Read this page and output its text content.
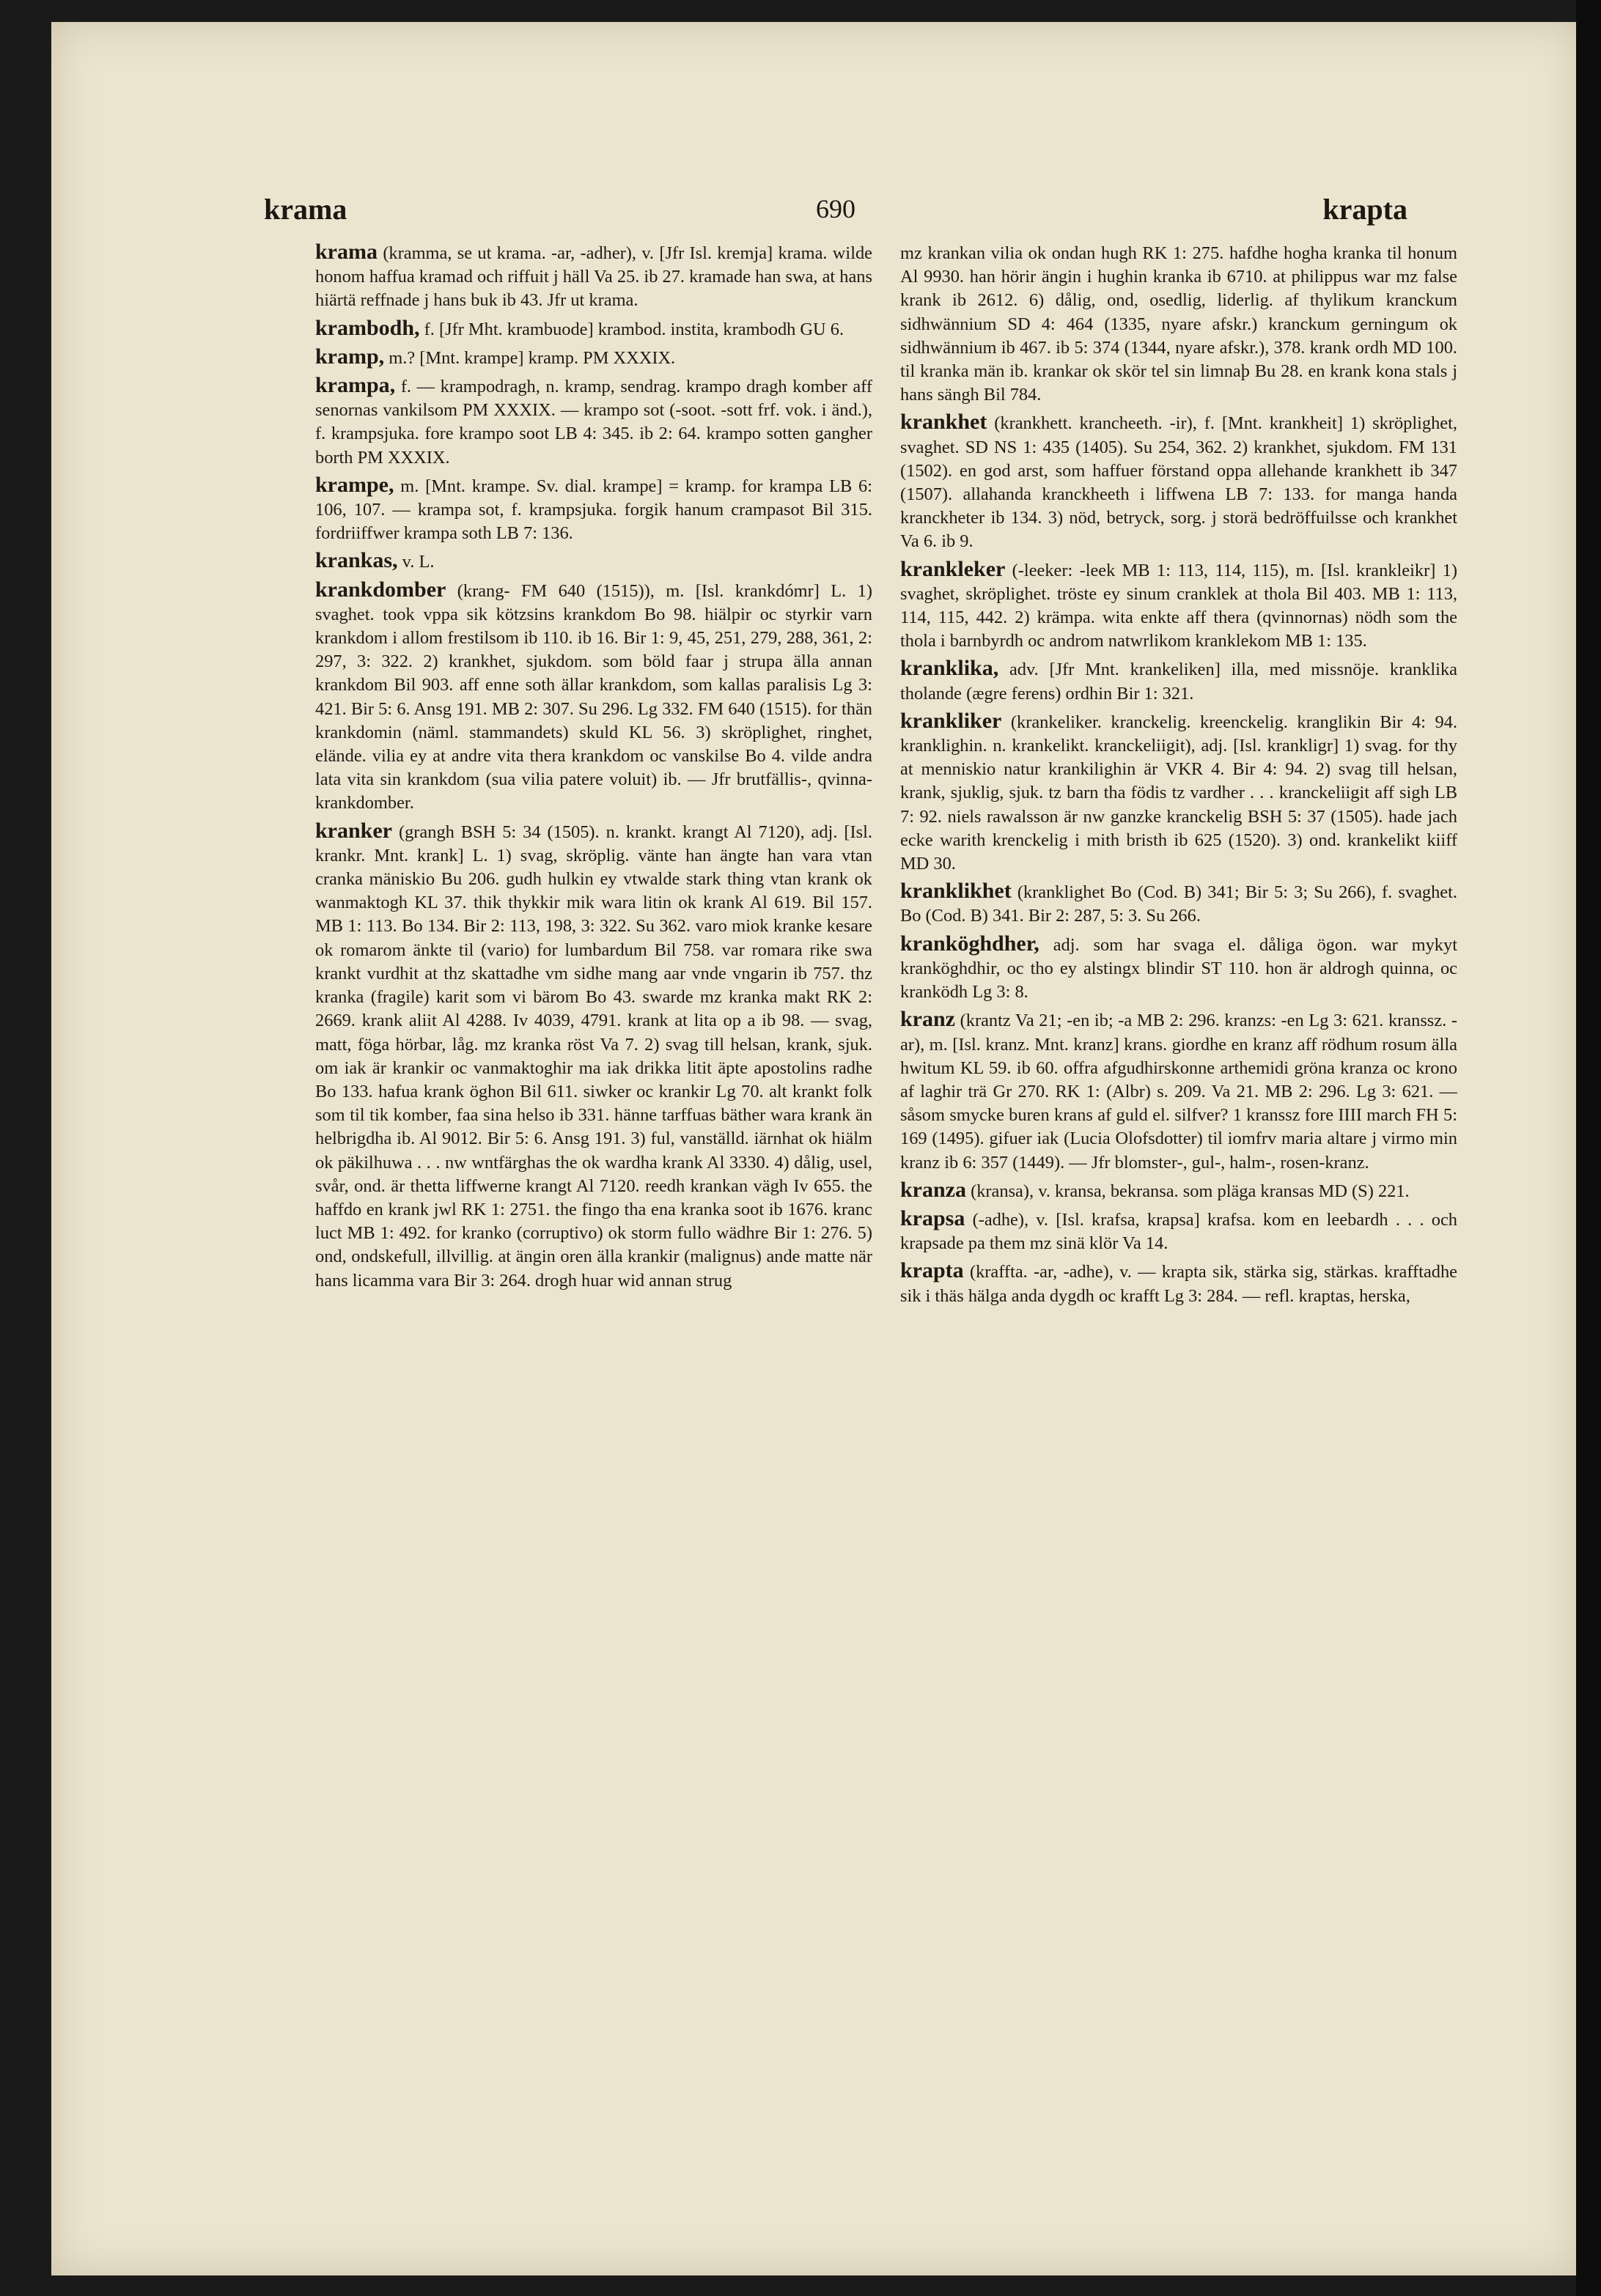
krama	690	krapta

krama (kramma, se ut krama. -ar, -adher), v. [Jfr Isl. kremja] krama. wilde honom haffua kramad och riffuit j häll Va 25. ib 27. kramade han swa, at hans hiärtä reffnade j hans buk ib 43. Jfr ut krama.

krambodh, f. [Jfr Mht. krambuode] krambod. institа, krambodh GU 6.

kramp, m.? [Mnt. krampe] kramp. PM XXXIX.

krampa, f. — krampodragh, n. kramp, sendrag. krampo dragh komber aff senornas vankilsom PM XXXIX. — krampo sot (-soot. -sott frf. vok. i änd.), f. krampsjuka. fore krampo soot LB 4: 345. ib 2: 64. krampo sotten gangher borth PM XXXIX.

krampe, m. [Mnt. krampe. Sv. dial. krampe] = kramp. for krampa LB 6: 106, 107. — krampa sot, f. krampsjuka. forgik hanum crampasot Bil 315. fordriiffwer krampa soth LB 7: 136.

krankas, v. L.

krankdomber (krang- FM 640 (1515)), m. [Isl. krankdómr] L. 1) svaghet. took vppa sik kötzsins krankdom Bo 98. hiälpir oc styrkir varn krankdom i allom frestilsom ib 110. ib 16. Bir 1: 9, 45, 251, 279, 288, 361, 2: 297, 3: 322. 2) krankhet, sjukdom. som böld faar j strupa älla annan krankdom Bil 903. aff enne soth ällar krankdom, som kallas paralisis Lg 3: 421. Bir 5: 6. Ansg 191. MB 2: 307. Su 296. Lg 332. FM 640 (1515). for thän krankdomin (näml. stammandets) skuld KL 56. 3) skröplighet, ringhet, elände. vilia ey at andre vita thera krankdom oc vanskilse Bo 4. vilde andra lata vita sin krankdom (sua vilia patere voluit) ib. — Jfr brutfällis-, qvinna-krankdomber.

kranker (grangh BSH 5: 34 (1505). n. krankt. krangt Al 7120), adj. [Isl. krankr. Mnt. krank] L. 1) svag, skröplig. vänte han ängte han vara vtan cranka mäniskio Bu 206. gudh hulkin ey vtwalde stark thing vtan krank ok wanmaktogh KL 37. thik thykkir mik wara litin ok krank Al 619. Bil 157. MB 1: 113. Bo 134. Bir 2: 113, 198, 3: 322. Su 362. varo miok kranke kesare ok romarom änkte til (vario) for lumbardum Bil 758. var romara rike swa krankt vurdhit at thz skattadhe vm sidhe mang aar vnde vngarin ib 757. thz kranka (fragile) karit som vi bärom Bo 43. swarde mz kranka makt RK 2: 2669. krank aliit Al 4288. Iv 4039, 4791. krank at lita op a ib 98. — svag, matt, föga hörbar, låg. mz kranka röst Va 7. 2) svag till helsan, krank, sjuk. om iak är krankir oc vanmaktoghir ma iak drikka litit äpte apostolins radhe Bo 133. hafua krank öghon Bil 611. siwker oc krankir Lg 70. alt krankt folk som til tik komber, faa sina helso ib 331. hänne tarffuas bäther wara krank än helbrigdha ib. Al 9012. Bir 5: 6. Ansg 191. 3) ful, vanställd. iärnhat ok hiälm ok päkilhuwa . . . nw wntfärghas the ok wardha krank Al 3330. 4) dålig, usel, svår, ond. är thetta liffwerne krangt Al 7120. reedh krankan vägh Iv 655. the haffdo en krank jwl RK 1: 2751. the fingo tha ena kranka soot ib 1676. kranc luct MB 1: 492. for kranko (corruptivo) ok storm fullo wädhre Bir 1: 276. 5) ond, ondskefull, illvillig. at ängin oren älla krankir (malignus) ande matte när hans licamma vara Bir 3: 264. drogh huar wid annan strug

mz krankan vilia ok ondan hugh RK 1: 275. hafdhe hogha kranka til honum Al 9930. han hörir ängin i hughin kranka ib 6710. at philippus war mz false krank ib 2612. 6) dålig, ond, osedlig, liderlig. af thylikum kranckum sidhwännium SD 4: 464 (1335, nyare afskr.) kranckum gerningum ok sidhwännium ib 467. ib 5: 374 (1344, nyare afskr.), 378. krank ordh MD 100. til kranka män ib. krankar ok skör tel sin limnaþ Bu 28. en krank kona stals j hans sängh Bil 784.

krankhet (krankhett. krancheeth. -ir), f. [Mnt. krankheit] 1) skröplighet, svaghet. SD NS 1: 435 (1405). Su 254, 362. 2) krankhet, sjukdom. FM 131 (1502). en god arst, som haffuer förstand oppa allehande krankhett ib 347 (1507). allahanda kranckheeth i liffwena LB 7: 133. for manga handa kranckheter ib 134. 3) nöd, betryck, sorg. j storä bedröffuilsse och krankhet Va 6. ib 9.

krankleker (-leeker: -leek MB 1: 113, 114, 115), m. [Isl. krankleikr] 1) svaghet, skröplighet. tröste ey sinum cranklek at thola Bil 403. MB 1: 113, 114, 115, 442. 2) krämpa. wita enkte aff thera (qvinnornas) nödh som the thola i barnbyrdh oc androm natwrlikom kranklekom MB 1: 135.

kranklika, adv. [Jfr Mnt. krankeliken] illa, med missnöje. kranklika tholande (ægre ferens) ordhin Bir 1: 321.

krankliker (krankeliker. kranckelig. kreenckelig. kranglikin Bir 4: 94. kranklighin. n. krankelikt. kranckeliigit), adj. [Isl. krankligr] 1) svag. for thy at menniskio natur krankilighin är VKR 4. Bir 4: 94. 2) svag till helsan, krank, sjuklig, sjuk. tz barn tha födis tz vardher . . . kranckeliigit aff sigh LB 7: 92. niels rawalsson är nw ganzke kranckelig BSH 5: 37 (1505). hade jach ecke warith krenckelig i mith bristh ib 625 (1520). 3) ond. krankelikt kiiff MD 30.

kranklikhet (kranklighet Bo (Cod. B) 341; Bir 5: 3; Su 266), f. svaghet. Bo (Cod. B) 341. Bir 2: 287, 5: 3. Su 266.

kranköghdher, adj. som har svaga el. dåliga ögon. war mykyt kranköghdhir, oc tho ey alstingx blindir ST 110. hon är aldrogh quinna, oc kranködh Lg 3: 8.

kranz (krantz Va 21; -en ib; -a MB 2: 296. kranzs: -en Lg 3: 621. kranssz. -ar), m. [Isl. kranz. Mnt. kranz] krans. giordhe en kranz aff rödhum rosum älla hwitum KL 59. ib 60. offra afgudhirskonne arthemidi gröna kranza oc krono af laghir trä Gr 270. RK 1: (Albr) s. 209. Va 21. MB 2: 296. Lg 3: 621. — såsom smycke buren krans af guld el. silfver? 1 kranssz fore IIII march FH 5: 169 (1495). gifuer iak (Lucia Olofsdotter) til iomfrv maria altare j virmo min kranz ib 6: 357 (1449). — Jfr blomster-, gul-, halm-, rosen-kranz.

kranza (kransa), v. kransa, bekransa. som pläga kransas MD (S) 221.

krapsa (-adhe), v. [Isl. krafsa, krapsa] krafsa. kom en leebardh . . . och krapsade pa them mz sinä klör Va 14.

krapta (kraffta. -ar, -adhe), v. — krapta sik, stärka sig, stärkas. krafftadhe sik i thäs hälga anda dygdh oc krafft Lg 3: 284. — refl. kraptas, herska,
